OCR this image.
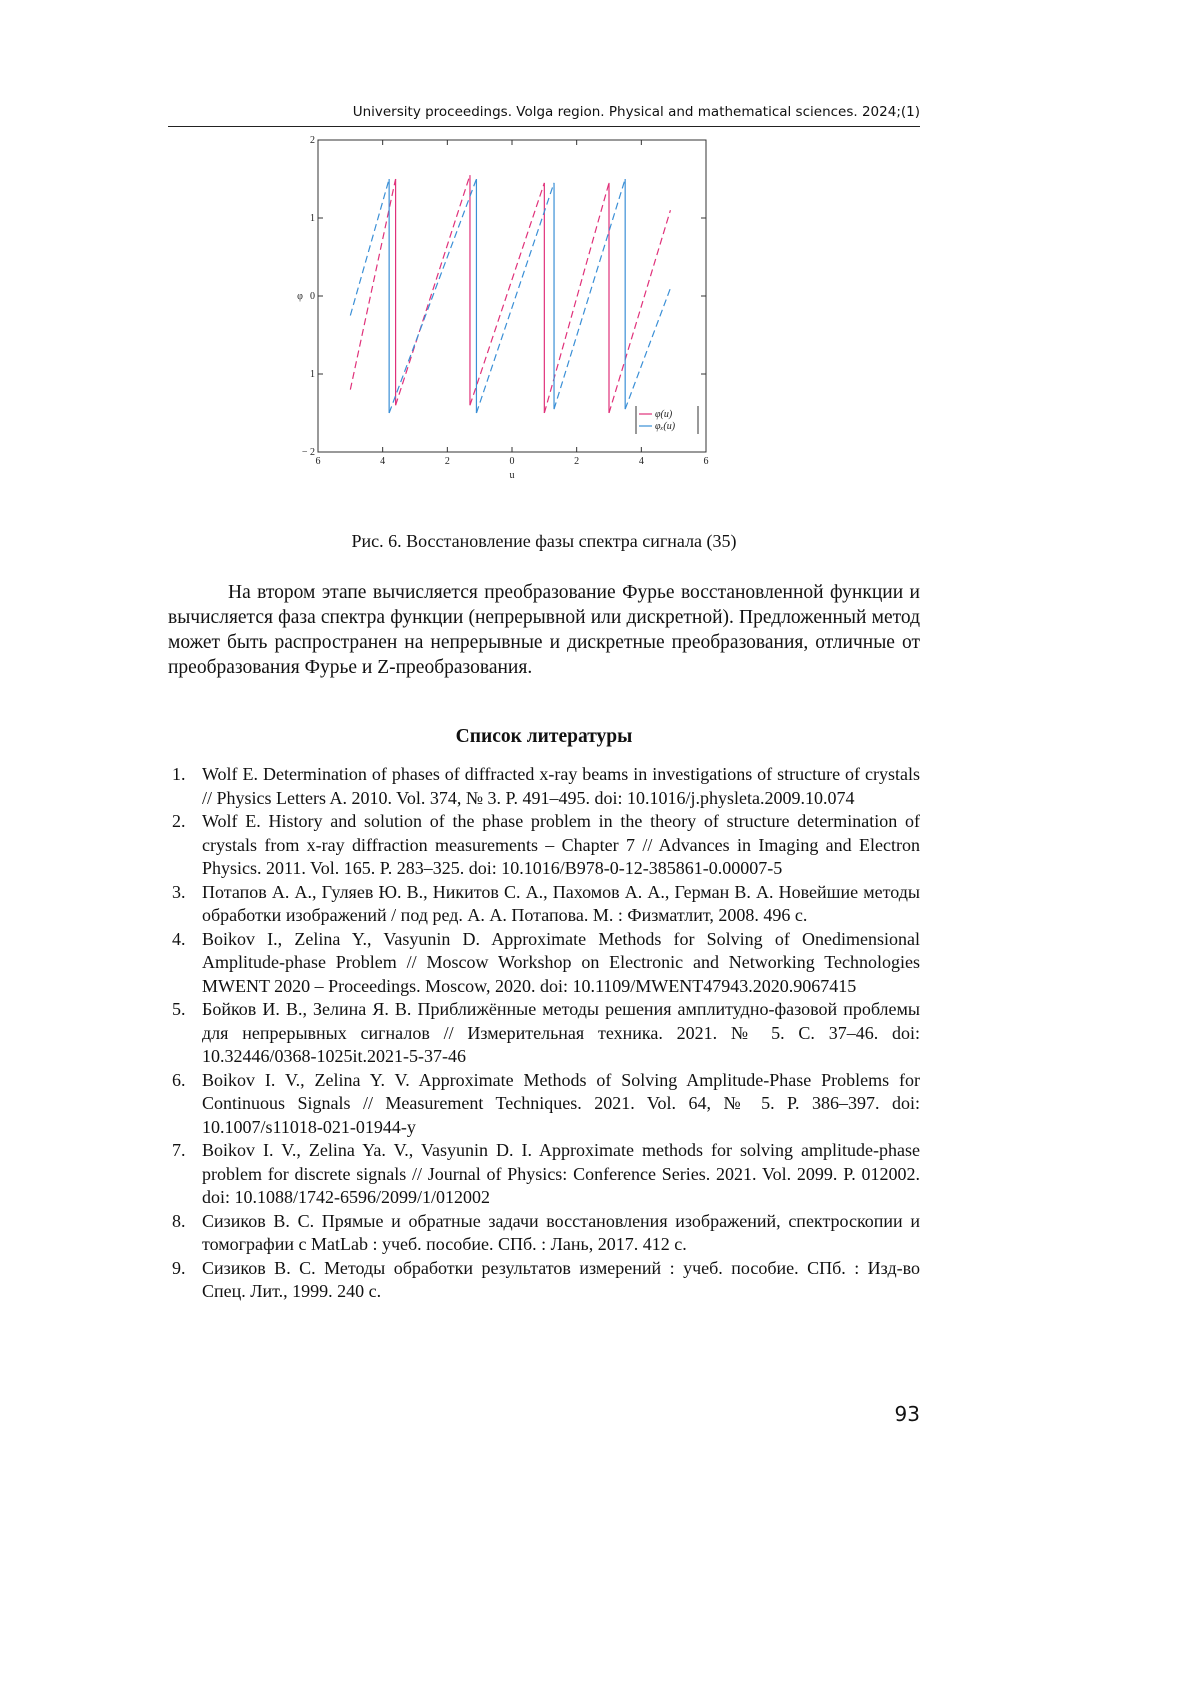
University proceedings. Volga region. Physical and mathematical sciences. 2024;(1)
6	4	2	0	2	4	6
2
1
0
1
− 2
u
φ
φ(u)
φₓ(u)
Рис. 6. Восстановление фазы спектра сигнала (35)

На втором этапе вычисляется преобразование Фурье восстановленной функции и вычисляется фаза спектра функции (непрерывной или дискретной). Предложенный метод может быть распространен на непрерывные и дискретные преобразования, отличные от преобразования Фурье и Z-преобразования.

Список литературы
1. Wolf E. Determination of phases of diffracted x-ray beams in investigations of structure of crystals // Physics Letters A. 2010. Vol. 374, № 3. P. 491–495. doi: 10.1016/j.physleta.2009.10.074
2. Wolf E. History and solution of the phase problem in the theory of structure determination of crystals from x-ray diffraction measurements – Chapter 7 // Advances in Imaging and Electron Physics. 2011. Vol. 165. P. 283–325. doi: 10.1016/B978-0-12-385861-0.00007-5
3. Потапов А. А., Гуляев Ю. В., Никитов С. А., Пахомов А. А., Герман В. А. Новейшие методы обработки изображений / под ред. А. А. Потапова. М. : Физматлит, 2008. 496 с.
4. Boikov I., Zelina Y., Vasyunin D. Approximate Methods for Solving of Onedimensional Amplitude-phase Problem // Moscow Workshop on Electronic and Networking Technologies MWENT 2020 – Proceedings. Moscow, 2020. doi: 10.1109/MWENT47943.2020.9067415
5. Бойков И. В., Зелина Я. В. Приближённые методы решения амплитудно-фазовой проблемы для непрерывных сигналов // Измерительная техника. 2021. № 5. С. 37–46. doi: 10.32446/0368-1025it.2021-5-37-46
6. Boikov I. V., Zelina Y. V. Approximate Methods of Solving Amplitude-Phase Problems for Continuous Signals // Measurement Techniques. 2021. Vol. 64, № 5. P. 386–397. doi: 10.1007/s11018-021-01944-y
7. Boikov I. V., Zelina Ya. V., Vasyunin D. I. Approximate methods for solving amplitude-phase problem for discrete signals // Journal of Physics: Conference Series. 2021. Vol. 2099. P. 012002. doi: 10.1088/1742-6596/2099/1/012002
8. Сизиков В. С. Прямые и обратные задачи восстановления изображений, спектроскопии и томографии с MatLab : учеб. пособие. СПб. : Лань, 2017. 412 с.
9. Сизиков В. С. Методы обработки результатов измерений : учеб. пособие. СПб. : Изд-во Спец. Лит., 1999. 240 с.
93
